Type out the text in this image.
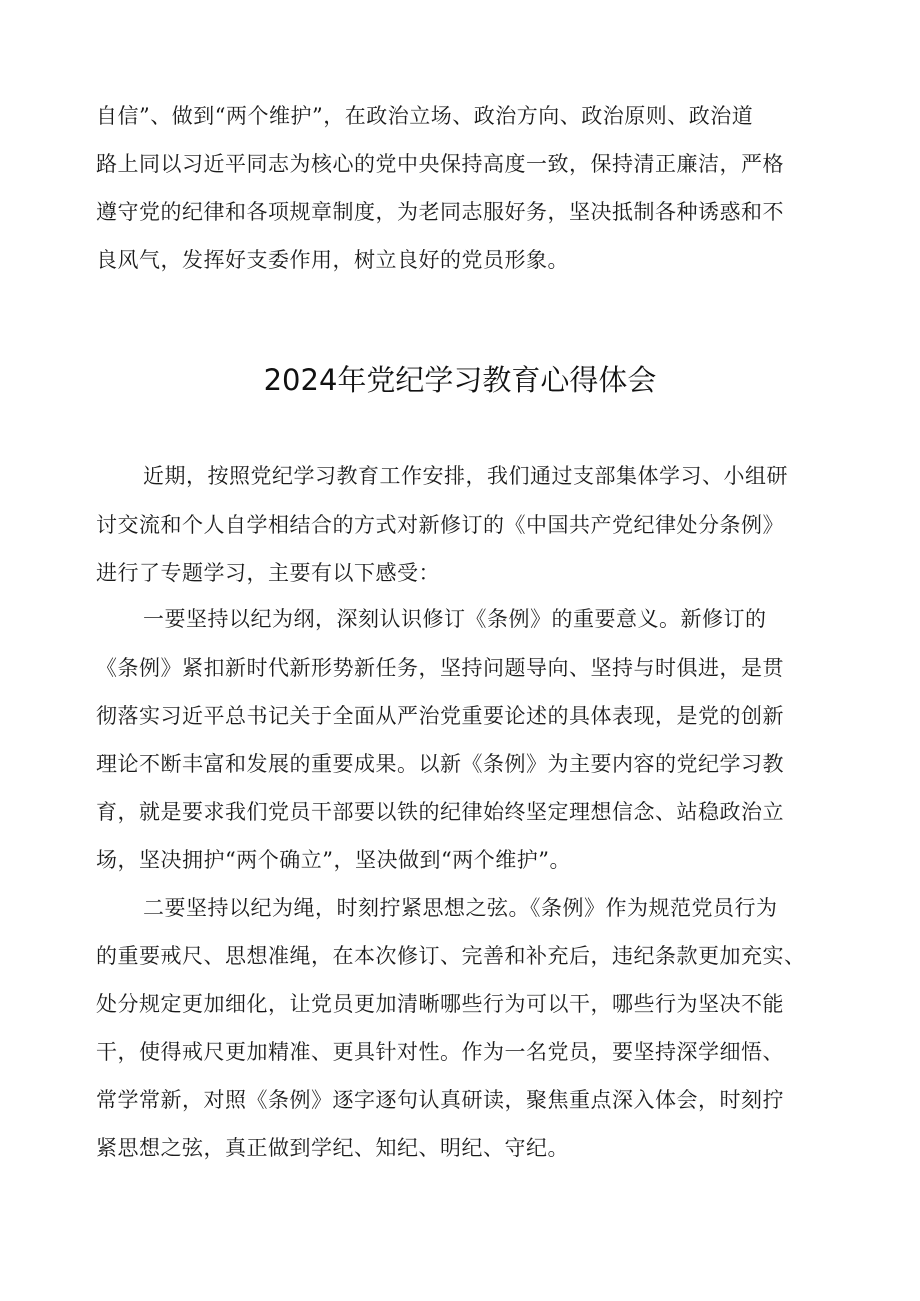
自信”、做到“两个维护”，在政治立场、政治方向、政治原则、政治道
路上同以习近平同志为核心的党中央保持高度一致，保持清正廉洁，严格
遵守党的纪律和各项规章制度，为老同志服好务，坚决抵制各种诱惑和不
良风气，发挥好支委作用，树立良好的党员形象。
2024年党纪学习教育心得体会
近期，按照党纪学习教育工作安排，我们通过支部集体学习、小组研
讨交流和个人自学相结合的方式对新修订的《中国共产党纪律处分条例》
进行了专题学习，主要有以下感受：
一要坚持以纪为纲，深刻认识修订《条例》的重要意义。新修订的
《条例》紧扣新时代新形势新任务，坚持问题导向、坚持与时俱进，是贯
彻落实习近平总书记关于全面从严治党重要论述的具体表现，是党的创新
理论不断丰富和发展的重要成果。以新《条例》为主要内容的党纪学习教
育，就是要求我们党员干部要以铁的纪律始终坚定理想信念、站稳政治立
场，坚决拥护“两个确立”，坚决做到“两个维护”。
二要坚持以纪为绳，时刻拧紧思想之弦。《条例》作为规范党员行为
的重要戒尺、思想准绳，在本次修订、完善和补充后，违纪条款更加充实、
处分规定更加细化，让党员更加清晰哪些行为可以干，哪些行为坚决不能
干，使得戒尺更加精准、更具针对性。作为一名党员，要坚持深学细悟、
常学常新，对照《条例》逐字逐句认真研读，聚焦重点深入体会，时刻拧
紧思想之弦，真正做到学纪、知纪、明纪、守纪。
